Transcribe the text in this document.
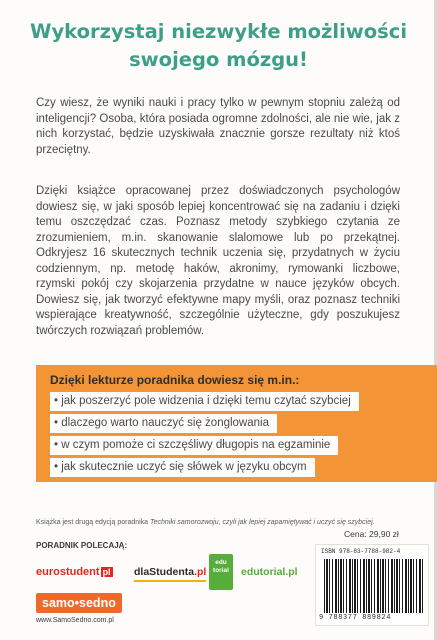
Wykorzystaj niezwykłe możliwości
swojego mózgu!
Czy wiesz, że wyniki nauki i pracy tylko w pewnym stopniu zależą od inteligencji? Osoba, która posiada ogromne zdolności, ale nie wie, jak z nich korzystać, będzie uzyskiwała znacznie gorsze rezultaty niż ktoś przeciętny.
Dzięki książce opracowanej przez doświadczonych psychologów dowiesz się, w jaki sposób lepiej koncentrować się na zadaniu i dzięki temu oszczędzać czas. Poznasz metody szybkiego czytania ze zrozumieniem, m.in. skanowanie slalomowe lub po przekątnej. Odkryjesz 16 skutecznych technik uczenia się, przydatnych w życiu codziennym, np. metodę haków, akronimy, rymowanki liczbowe, rzymski pokój czy skojarzenia przydatne w nauce języków obcych. Dowiesz się, jak tworzyć efektywne mapy myśli, oraz poznasz techniki wspierające kreatywność, szczególnie użyteczne, gdy poszukujesz twórczych rozwiązań problemów.
Dzięki lekturze poradnika dowiesz się m.in.:
• jak poszerzyć pole widzenia i dzięki temu czytać szybciej
• dlaczego warto nauczyć się żonglowania
• w czym pomoże ci szczęśliwy długopis na egzaminie
• jak skutecznie uczyć się słówek w języku obcym
Książka jest drugą edycją poradnika Techniki samorozwoju, czyli jak lepiej zapamiętywać i uczyć się szybciej.
PORADNIK POLECAJĄ:
eurostudent pl dlaStudenta.pl
edu
torial	edutorial.pl
Cena: 29,90 zł
ISBN 978-83-7788-982-4
9 788377 889824
samo•sedno
www.SamoSedno.com.pl
